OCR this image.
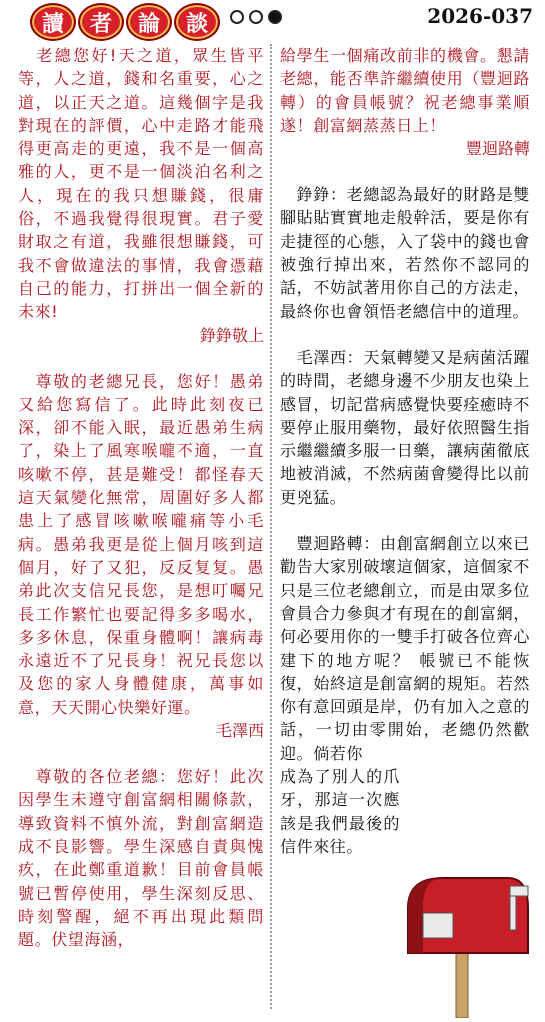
讀	者	論	談	2026-037

　老總您好!天之道，眾生皆平等，人之道，錢和名重要，心之道，以正天之道。這幾個字是我對現在的評價，心中走路才能飛得更高走的更遠，我不是一個高雅的人，更不是一個淡泊名利之人，現在的我只想賺錢，很庸俗，不過我覺得很現實。君子愛財取之有道，我雖很想賺錢，可我不會做違法的事情，我會憑藉自己的能力，打拼出一個全新的未來!

錚錚敬上

　尊敬的老總兄長，您好！愚弟又給您寫信了。此時此刻夜已深，卻不能入眠，最近愚弟生病了，染上了風寒喉嚨不適，一直咳嗽不停，甚是難受！都怪春天這天氣變化無常，周圍好多人都患上了感冒咳嗽喉嚨痛等小毛病。愚弟我更是從上個月咳到這個月，好了又犯，反反复复。愚弟此次支信兄長您，是想叮囑兄長工作繁忙也要記得多多喝水，多多休息，保重身體啊！讓病毒永遠近不了兄長身！祝兄長您以及您的家人身體健康，萬事如意，天天開心快樂好運。

毛澤西

　尊敬的各位老總：您好！此次因學生未遵守創富網相關條款，導致資料不慎外流，對創富網造成不良影響。學生深感自責與愧疚，在此鄭重道歉！目前會員帳號已暫停使用，學生深刻反思、時刻警醒，絕不再出現此類問題。伏望海涵，

給學生一個痛改前非的機會。懇請老總，能否準許繼續使用（豐迴路轉）的會員帳號？祝老總事業順遂！創富網蒸蒸日上！

豐迴路轉

　錚錚：老總認為最好的財路是雙腳貼貼實實地走般幹活，要是你有走捷徑的心態，入了袋中的錢也會被強行掉出來，若然你不認同的話，不妨試著用你自己的方法走，最終你也會領悟老總信中的道理。

　毛澤西：天氣轉變又是病菌活躍的時間，老總身邊不少朋友也染上感冒，切記當病感覺快要痊癒時不要停止服用藥物，最好依照醫生指示繼繼續多服一日藥，讓病菌徹底地被消滅，不然病菌會變得比以前更兇猛。

　豐迴路轉：由創富網創立以來已勸告大家別破壞這個家，這個家不只是三位老總創立，而是由眾多位會員合力參與才有現在的創富網，何必要用你的一雙手打破各位齊心建下的地方呢？ 帳號已不能恢復，始終這是創富網的規矩。若然你有意回頭是岸，仍有加入之意的話，一切由零開始，老總仍然歡迎。倘若你

成為了別人的爪牙，那這一次應該是我們最後的信件來往。
